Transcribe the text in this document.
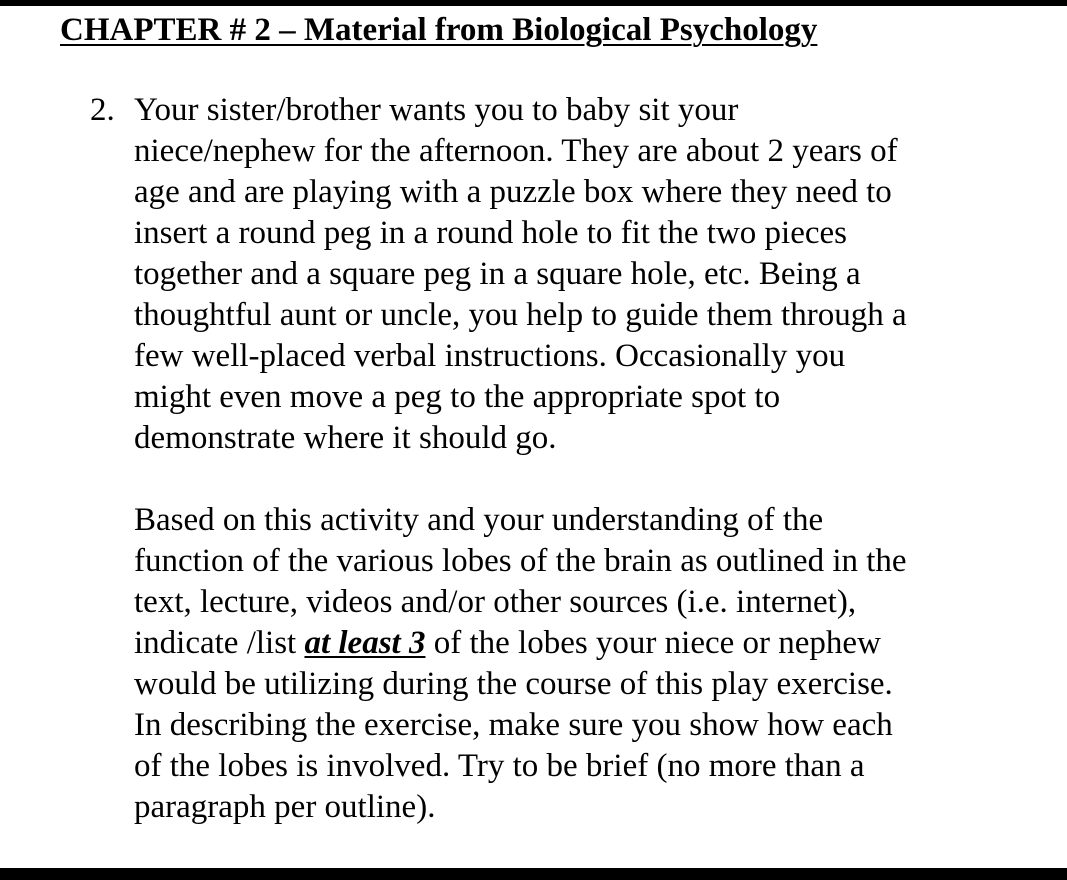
CHAPTER # 2 – Material from Biological Psychology
2. Your sister/brother wants you to baby sit your
niece/nephew for the afternoon. They are about 2 years of
age and are playing with a puzzle box where they need to
insert a round peg in a round hole to fit the two pieces
together and a square peg in a square hole, etc. Being a
thoughtful aunt or uncle, you help to guide them through a
few well-placed verbal instructions. Occasionally you
might even move a peg to the appropriate spot to
demonstrate where it should go.
Based on this activity and your understanding of the
function of the various lobes of the brain as outlined in the
text, lecture, videos and/or other sources (i.e. internet),
indicate /list at least 3 of the lobes your niece or nephew
would be utilizing during the course of this play exercise.
In describing the exercise, make sure you show how each
of the lobes is involved. Try to be brief (no more than a
paragraph per outline).
